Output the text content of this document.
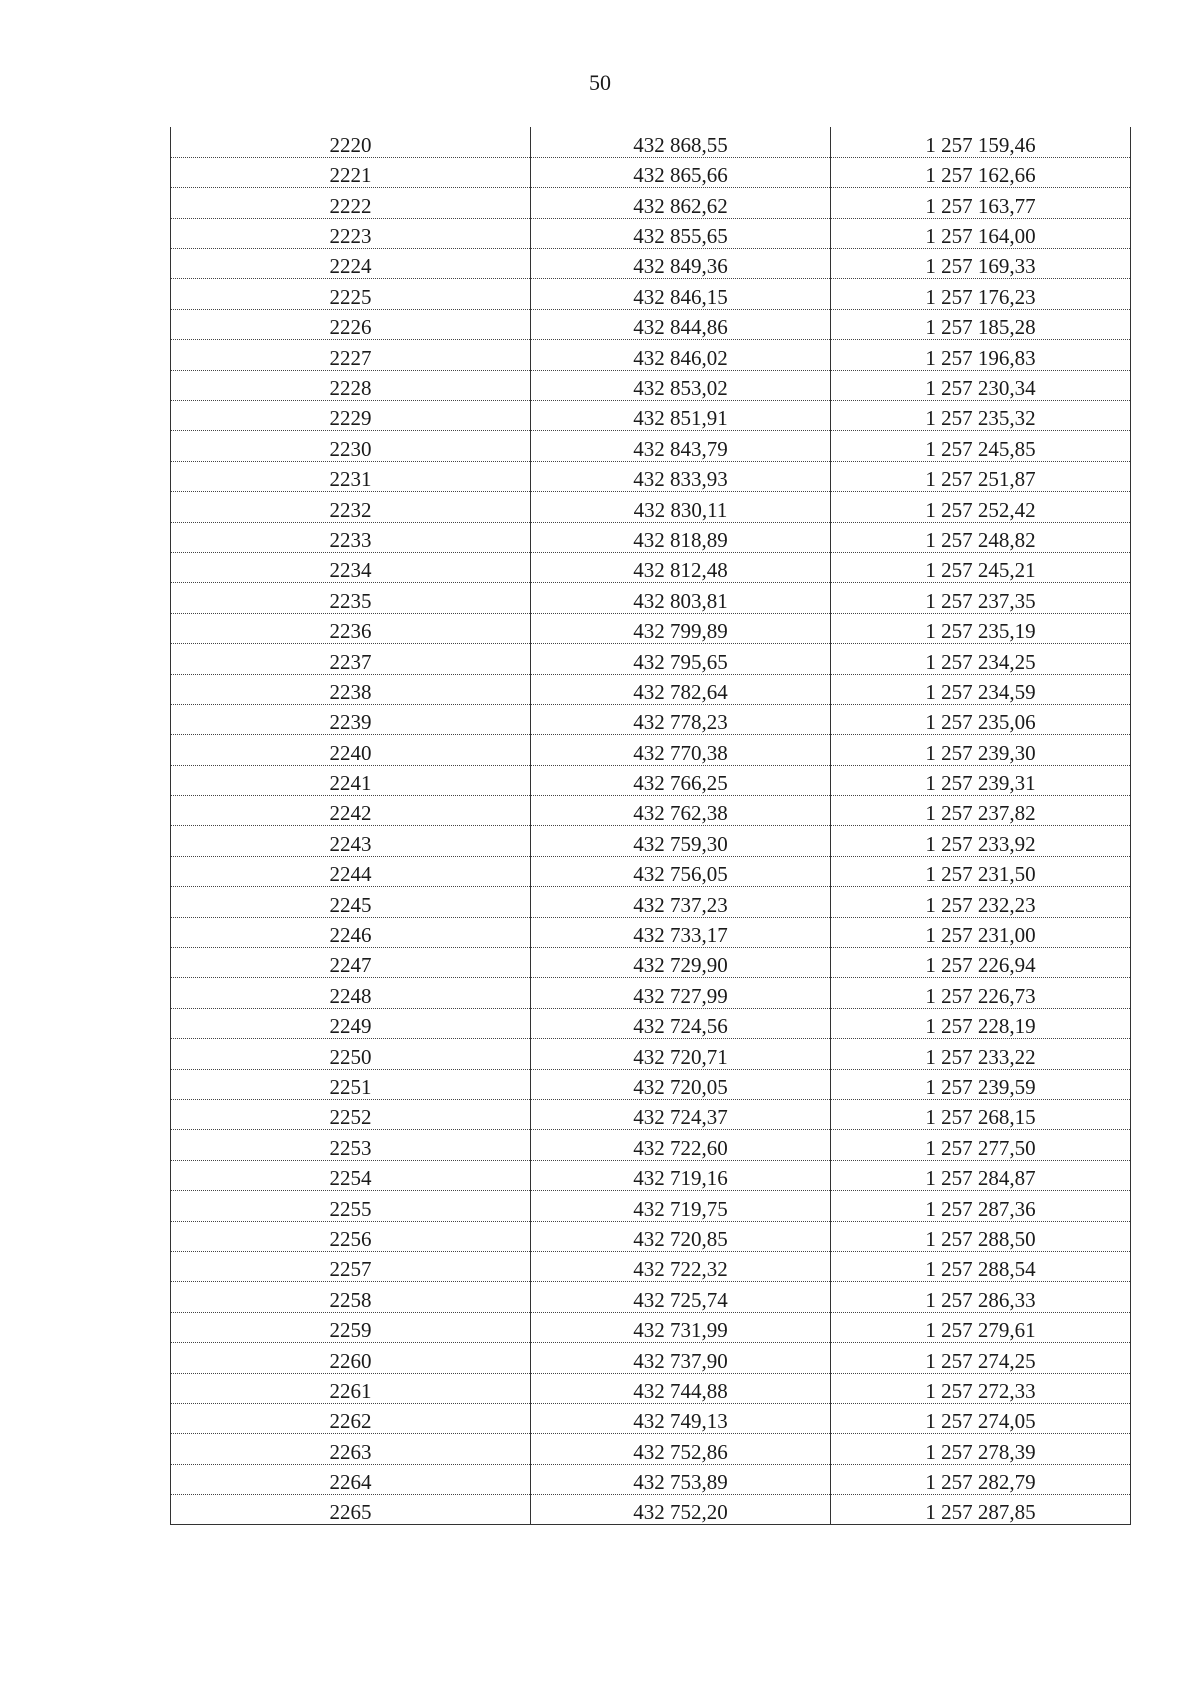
50
2220	432 868,55	1 257 159,46
2221	432 865,66	1 257 162,66
2222	432 862,62	1 257 163,77
2223	432 855,65	1 257 164,00
2224	432 849,36	1 257 169,33
2225	432 846,15	1 257 176,23
2226	432 844,86	1 257 185,28
2227	432 846,02	1 257 196,83
2228	432 853,02	1 257 230,34
2229	432 851,91	1 257 235,32
2230	432 843,79	1 257 245,85
2231	432 833,93	1 257 251,87
2232	432 830,11	1 257 252,42
2233	432 818,89	1 257 248,82
2234	432 812,48	1 257 245,21
2235	432 803,81	1 257 237,35
2236	432 799,89	1 257 235,19
2237	432 795,65	1 257 234,25
2238	432 782,64	1 257 234,59
2239	432 778,23	1 257 235,06
2240	432 770,38	1 257 239,30
2241	432 766,25	1 257 239,31
2242	432 762,38	1 257 237,82
2243	432 759,30	1 257 233,92
2244	432 756,05	1 257 231,50
2245	432 737,23	1 257 232,23
2246	432 733,17	1 257 231,00
2247	432 729,90	1 257 226,94
2248	432 727,99	1 257 226,73
2249	432 724,56	1 257 228,19
2250	432 720,71	1 257 233,22
2251	432 720,05	1 257 239,59
2252	432 724,37	1 257 268,15
2253	432 722,60	1 257 277,50
2254	432 719,16	1 257 284,87
2255	432 719,75	1 257 287,36
2256	432 720,85	1 257 288,50
2257	432 722,32	1 257 288,54
2258	432 725,74	1 257 286,33
2259	432 731,99	1 257 279,61
2260	432 737,90	1 257 274,25
2261	432 744,88	1 257 272,33
2262	432 749,13	1 257 274,05
2263	432 752,86	1 257 278,39
2264	432 753,89	1 257 282,79
2265	432 752,20	1 257 287,85
